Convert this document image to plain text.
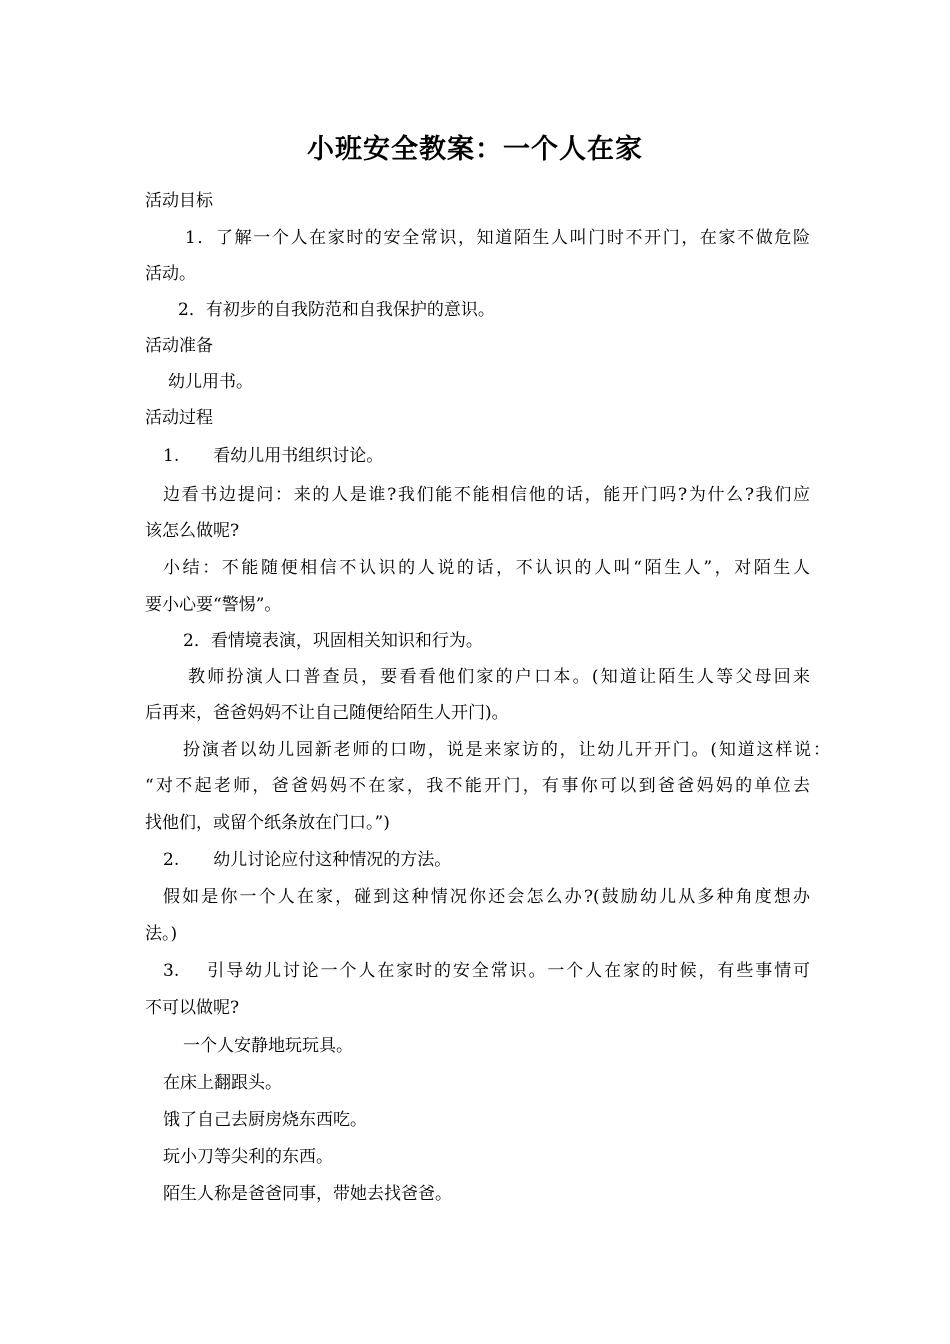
小班安全教案：一个人在家
活动目标
1．了解一个人在家时的安全常识，知道陌生人叫门时不开门，在家不做危险
活动。
2．有初步的自我防范和自我保护的意识。
活动准备
幼儿用书。
活动过程
1.　　看幼儿用书组织讨论。
边看书边提问：来的人是谁?我们能不能相信他的话，能开门吗?为什么?我们应
该怎么做呢?
小结：不能随便相信不认识的人说的话，不认识的人叫“陌生人”，对陌生人
要小心要“警惕”。
2．看情境表演，巩固相关知识和行为。
教师扮演人口普查员，要看看他们家的户口本。(知道让陌生人等父母回来
后再来，爸爸妈妈不让自己随便给陌生人开门)。
扮演者以幼儿园新老师的口吻，说是来家访的，让幼儿开开门。(知道这样说：
“对不起老师，爸爸妈妈不在家，我不能开门，有事你可以到爸爸妈妈的单位去
找他们，或留个纸条放在门口。”)
2.　　幼儿讨论应付这种情况的方法。
假如是你一个人在家，碰到这种情况你还会怎么办?(鼓励幼儿从多种角度想办
法。)
3.　 引导幼儿讨论一个人在家时的安全常识。一个人在家的时候，有些事情可
不可以做呢?
一个人安静地玩玩具。
在床上翻跟头。
饿了自己去厨房烧东西吃。
玩小刀等尖利的东西。
陌生人称是爸爸同事，带她去找爸爸。
